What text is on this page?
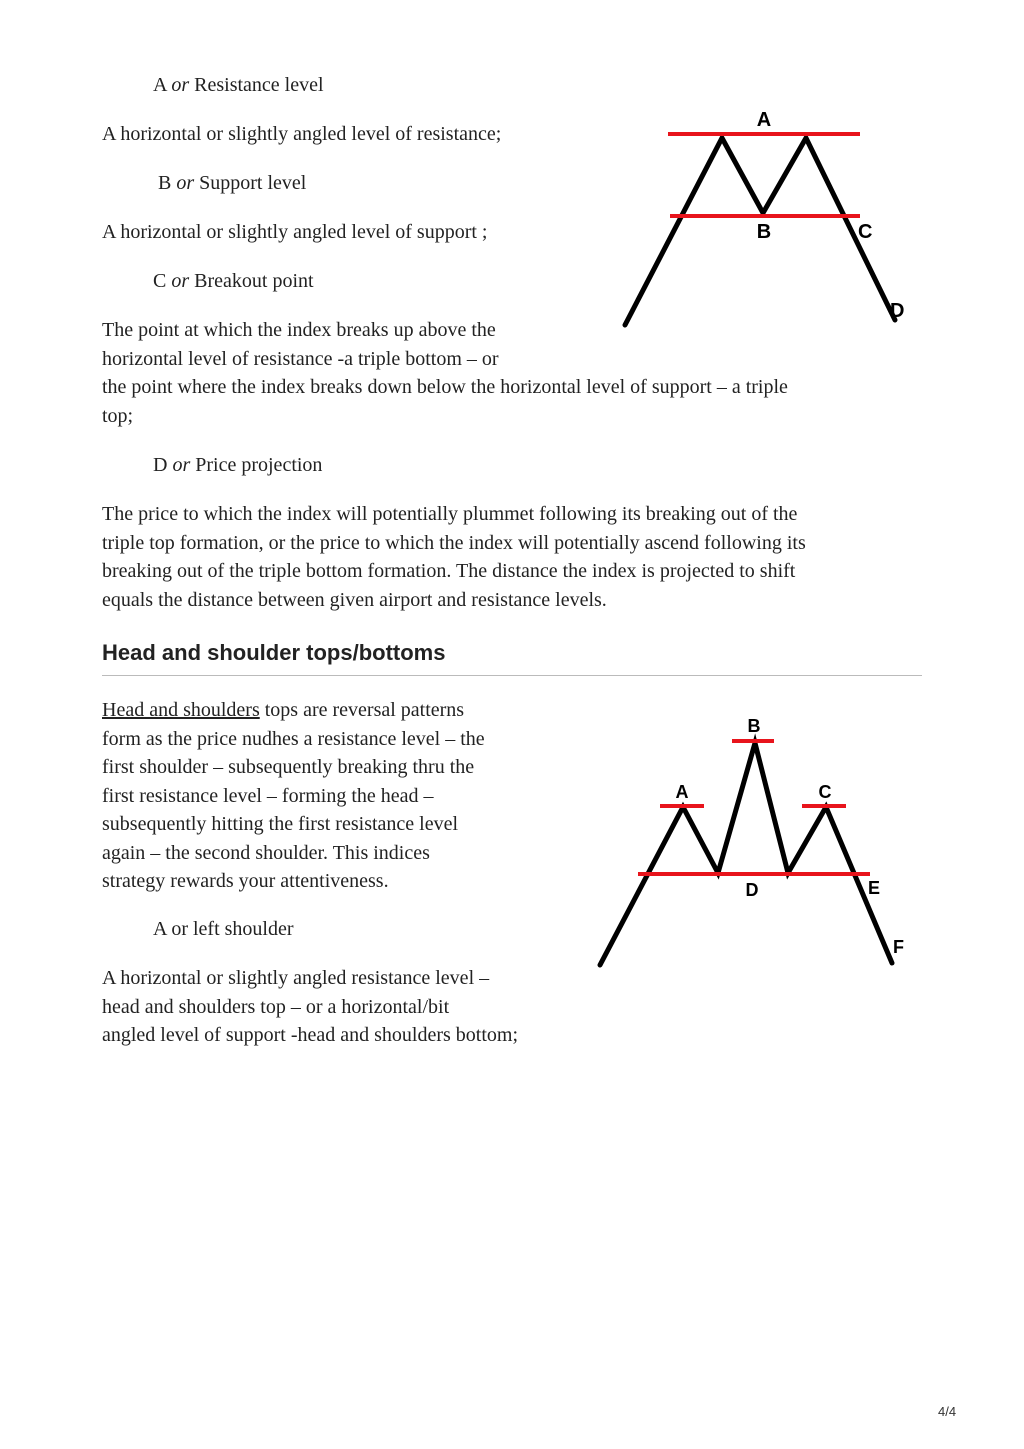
A or Resistance level

A horizontal or slightly angled level of resistance;

B or Support level

A horizontal or slightly angled level of support ;

C or Breakout point

The point at which the index breaks up above the
horizontal level of resistance -a triple bottom – or
the point where the index breaks down below the horizontal level of support – a triple
top;

D or Price projection

The price to which the index will potentially plummet following its breaking out of the
triple top formation, or the price to which the index will potentially ascend following its
breaking out of the triple bottom formation. The distance the index is projected to shift
equals the distance between given airport and resistance levels.
A
B	C
D
Head and shoulder tops/bottoms
Head and shoulders tops are reversal patterns
form as the price nudhes a resistance level – the
first shoulder – subsequently breaking thru the
first resistance level – forming the head –
subsequently hitting the first resistance level
again – the second shoulder. This indices
strategy rewards your attentiveness.

A or left shoulder

A horizontal or slightly angled resistance level –
head and shoulders top – or a horizontal/bit
angled level of support -head and shoulders bottom;
A
B
C
D	E
F
4/4
